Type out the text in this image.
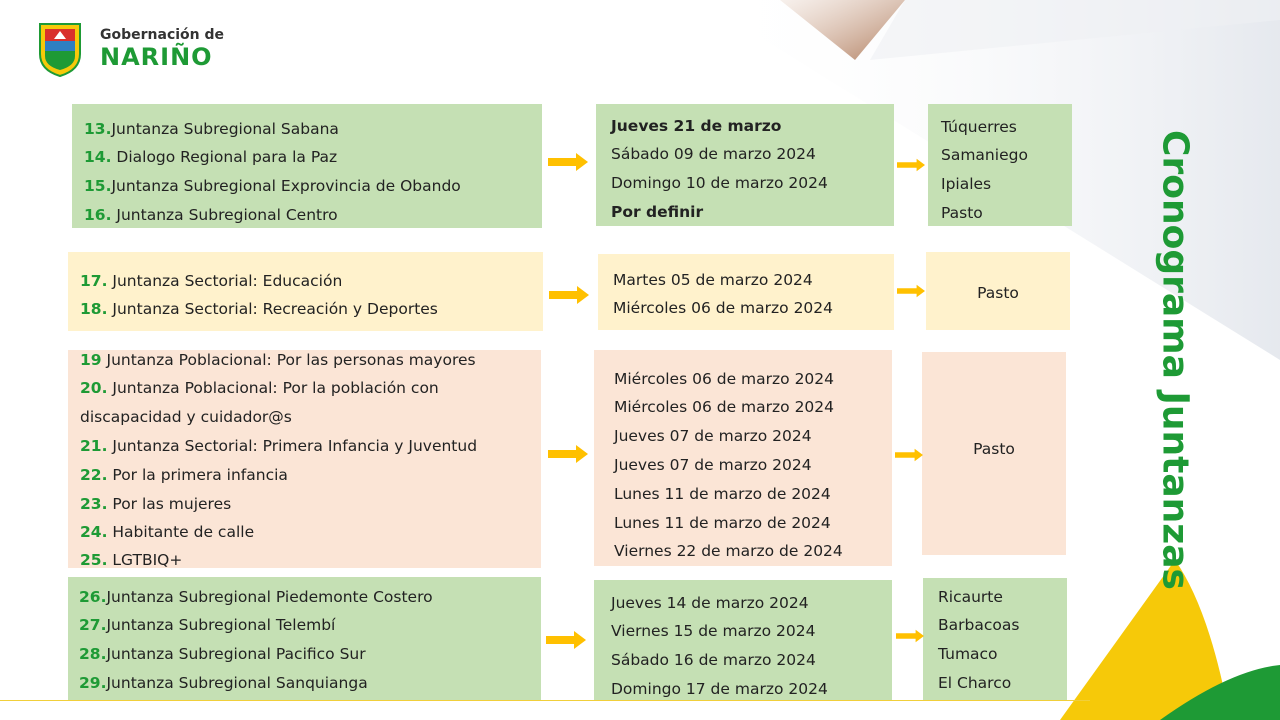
Gobernación de
NARIÑO
Cronograma Juntanzas
13.Juntanza Subregional Sabana
14. Dialogo Regional para la Paz
15.Juntanza Subregional Exprovincia de Obando
16. Juntanza Subregional Centro
Jueves 21 de marzo
Sábado 09 de marzo 2024
Domingo 10 de marzo 2024
Por definir
Túquerres
Samaniego
Ipiales
Pasto
17. Juntanza Sectorial: Educación
18. Juntanza Sectorial: Recreación y Deportes
Martes 05 de marzo 2024
Miércoles 06 de marzo 2024
Pasto
19 Juntanza Poblacional: Por las personas mayores
20. Juntanza Poblacional: Por la población con
discapacidad y cuidador@s
21. Juntanza Sectorial: Primera Infancia y Juventud
22. Por la primera infancia
23. Por las mujeres
24. Habitante de calle
25. LGTBIQ+
Miércoles 06 de marzo 2024
Miércoles 06 de marzo 2024
Jueves 07 de marzo 2024
Jueves 07 de marzo 2024
Lunes 11 de marzo de 2024
Lunes 11 de marzo de 2024
Viernes 22 de marzo de 2024
Pasto
26.Juntanza Subregional Piedemonte Costero
27.Juntanza Subregional Telembí
28.Juntanza Subregional Pacifico Sur
29.Juntanza Subregional Sanquianga
Jueves 14 de marzo 2024
Viernes 15 de marzo 2024
Sábado 16 de marzo 2024
Domingo 17 de marzo 2024
Ricaurte
Barbacoas
Tumaco
El Charco
